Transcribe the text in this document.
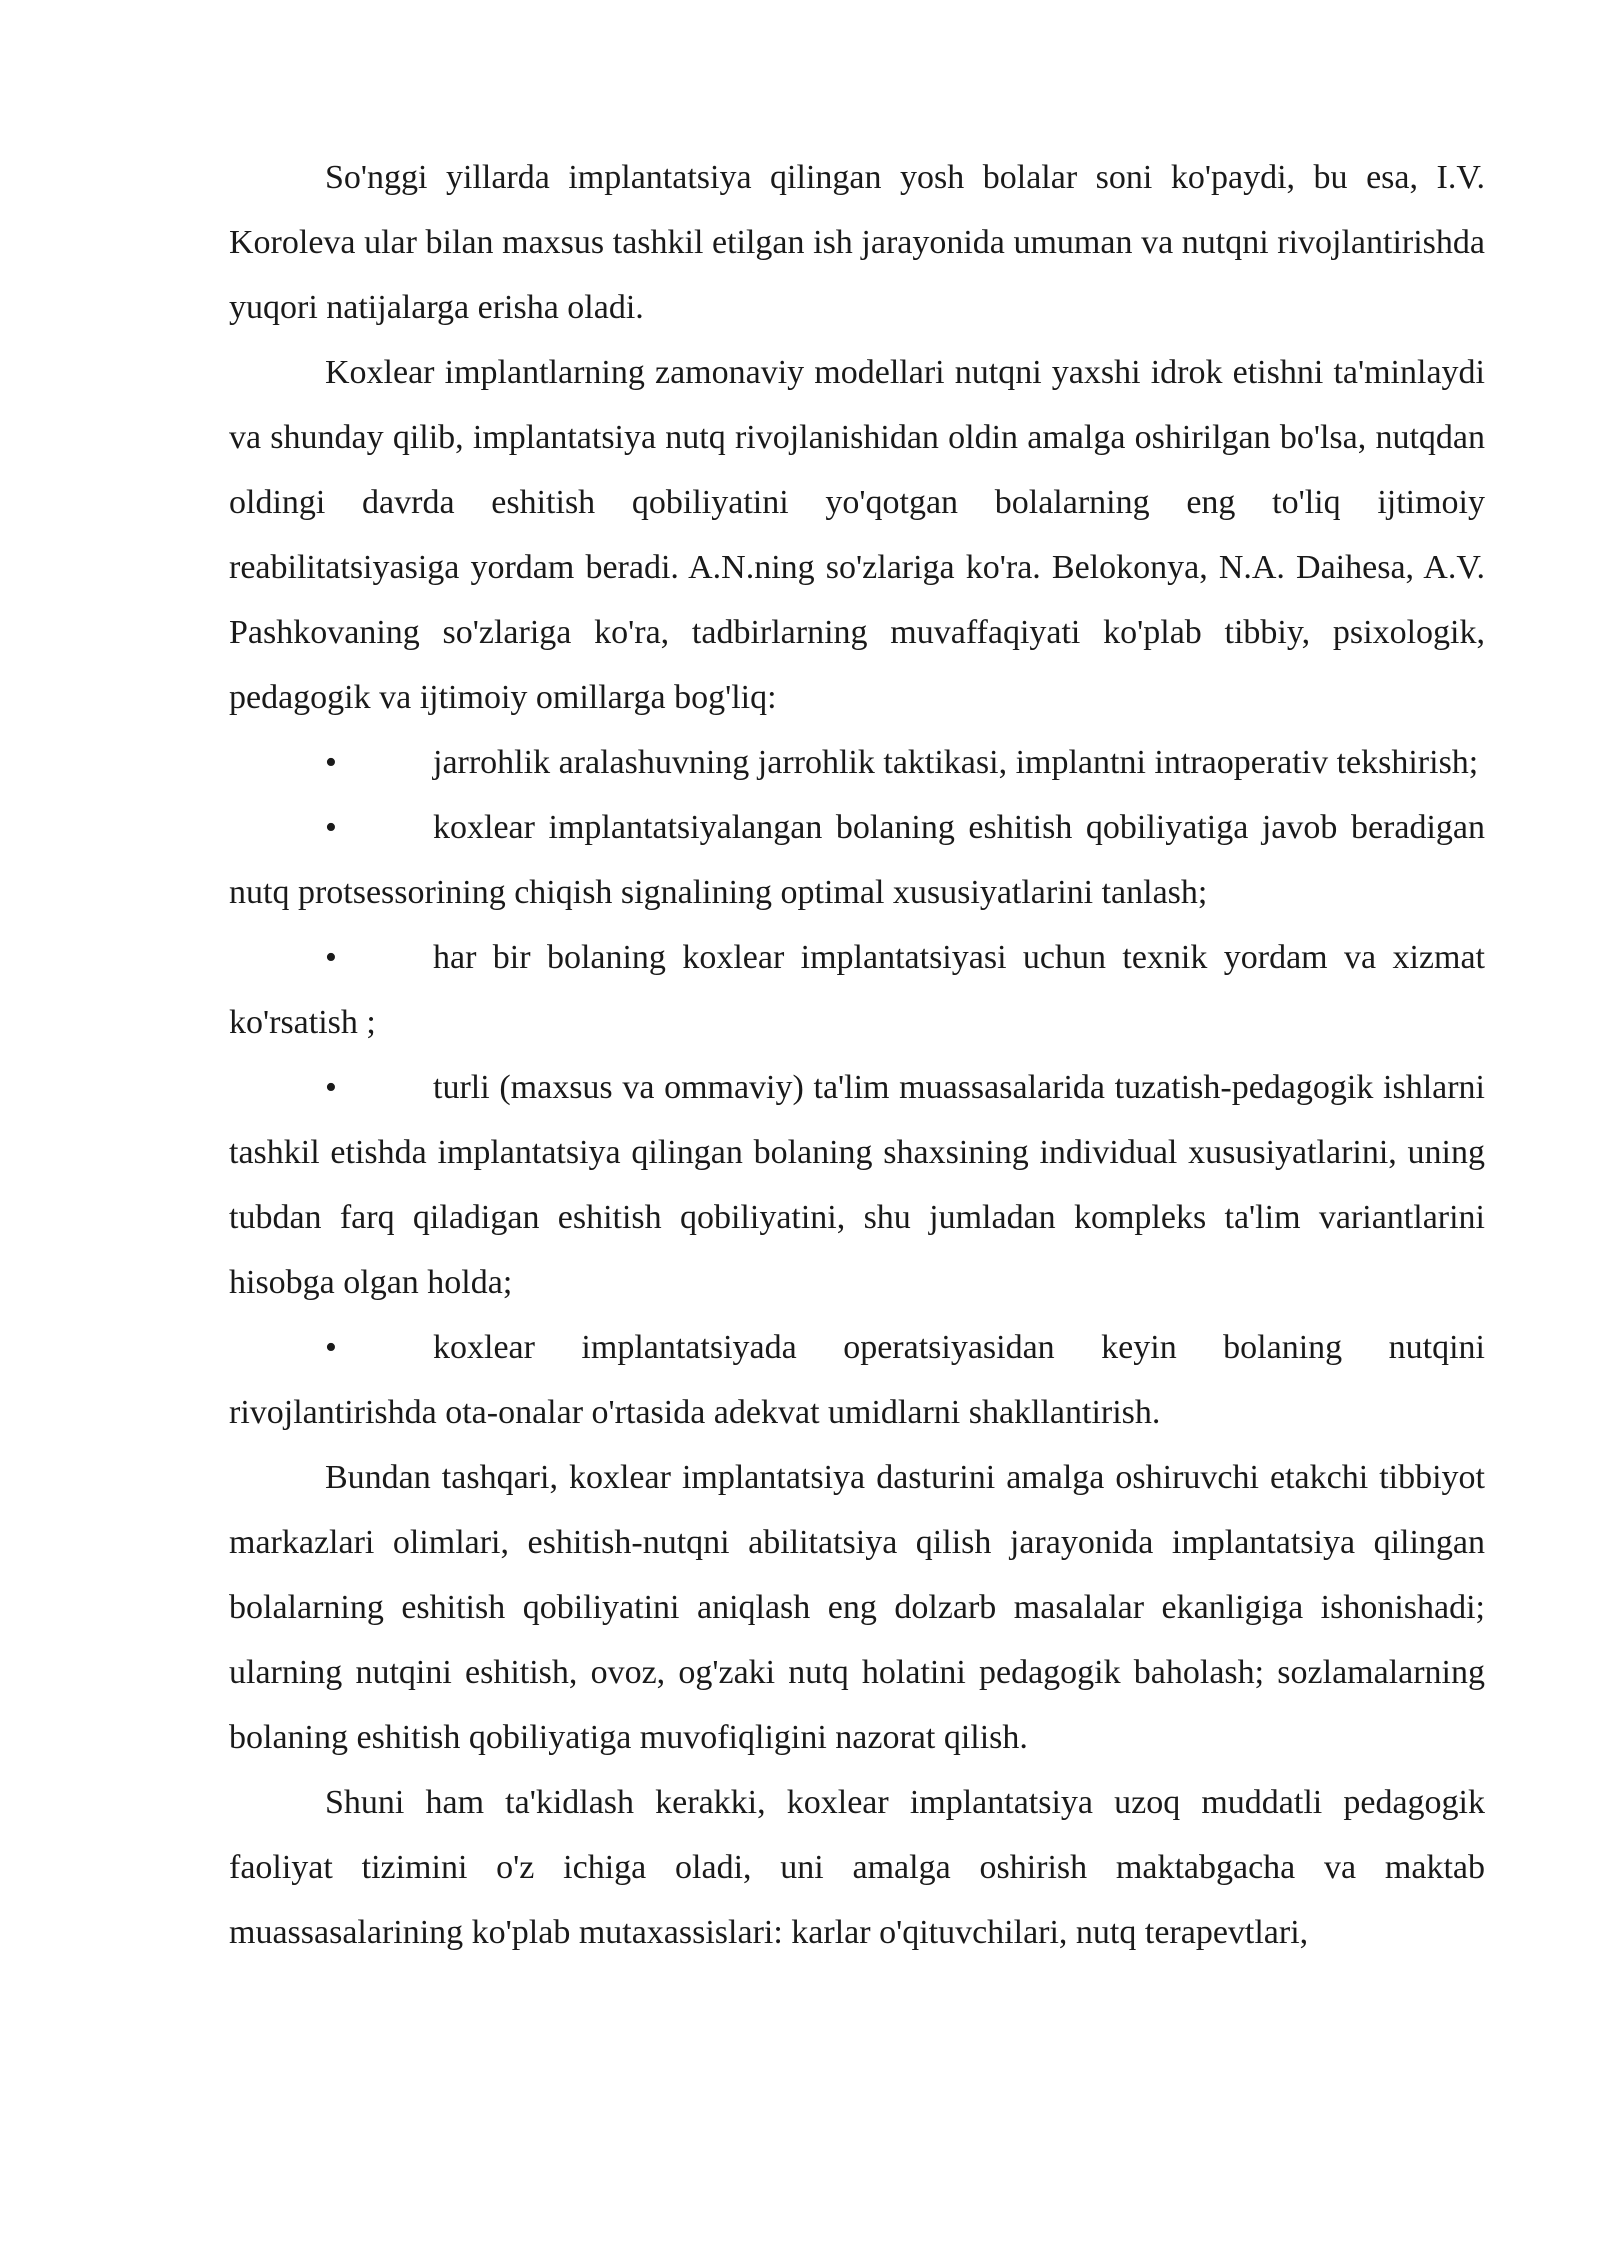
So'nggi yillarda implantatsiya qilingan yosh bolalar soni ko'paydi, bu esa, I.V. Koroleva ular bilan maxsus tashkil etilgan ish jarayonida umuman va nutqni rivojlantirishda yuqori natijalarga erisha oladi.

Koxlear implantlarning zamonaviy modellari nutqni yaxshi idrok etishni ta'minlaydi va shunday qilib, implantatsiya nutq rivojlanishidan oldin amalga oshirilgan bo'lsa, nutqdan oldingi davrda eshitish qobiliyatini yo'qotgan bolalarning eng to'liq ijtimoiy reabilitatsiyasiga yordam beradi. A.N.ning so'zlariga ko'ra. Belokonya, N.A. Daihesa, A.V. Pashkovaning so'zlariga ko'ra, tadbirlarning muvaffaqiyati ko'plab tibbiy, psixologik, pedagogik va ijtimoiy omillarga bog'liq:

•	jarrohlik aralashuvning jarrohlik taktikasi, implantni intraoperativ tekshirish;

•	koxlear implantatsiyalangan bolaning eshitish qobiliyatiga javob beradigan nutq protsessorining chiqish signalining optimal xususiyatlarini tanlash;

•	har bir bolaning koxlear implantatsiyasi uchun texnik yordam va xizmat ko'rsatish ;

•	turli (maxsus va ommaviy) ta'lim muassasalarida tuzatish-pedagogik ishlarni tashkil etishda implantatsiya qilingan bolaning shaxsining individual xususiyatlarini, uning tubdan farq qiladigan eshitish qobiliyatini, shu jumladan kompleks ta'lim variantlarini hisobga olgan holda;

•	koxlear implantatsiyada operatsiyasidan keyin bolaning nutqini rivojlantirishda ota-onalar o'rtasida adekvat umidlarni shakllantirish.

Bundan tashqari, koxlear implantatsiya dasturini amalga oshiruvchi etakchi tibbiyot markazlari olimlari, eshitish-nutqni abilitatsiya qilish jarayonida implantatsiya qilingan bolalarning eshitish qobiliyatini aniqlash eng dolzarb masalalar ekanligiga ishonishadi; ularning nutqini eshitish, ovoz, og'zaki nutq holatini pedagogik baholash; sozlamalarning bolaning eshitish qobiliyatiga muvofiqligini nazorat qilish.

Shuni ham ta'kidlash kerakki, koxlear implantatsiya uzoq muddatli pedagogik faoliyat tizimini o'z ichiga oladi, uni amalga oshirish maktabgacha va maktab muassasalarining ko'plab mutaxassislari: karlar o'qituvchilari, nutq terapevtlari,
